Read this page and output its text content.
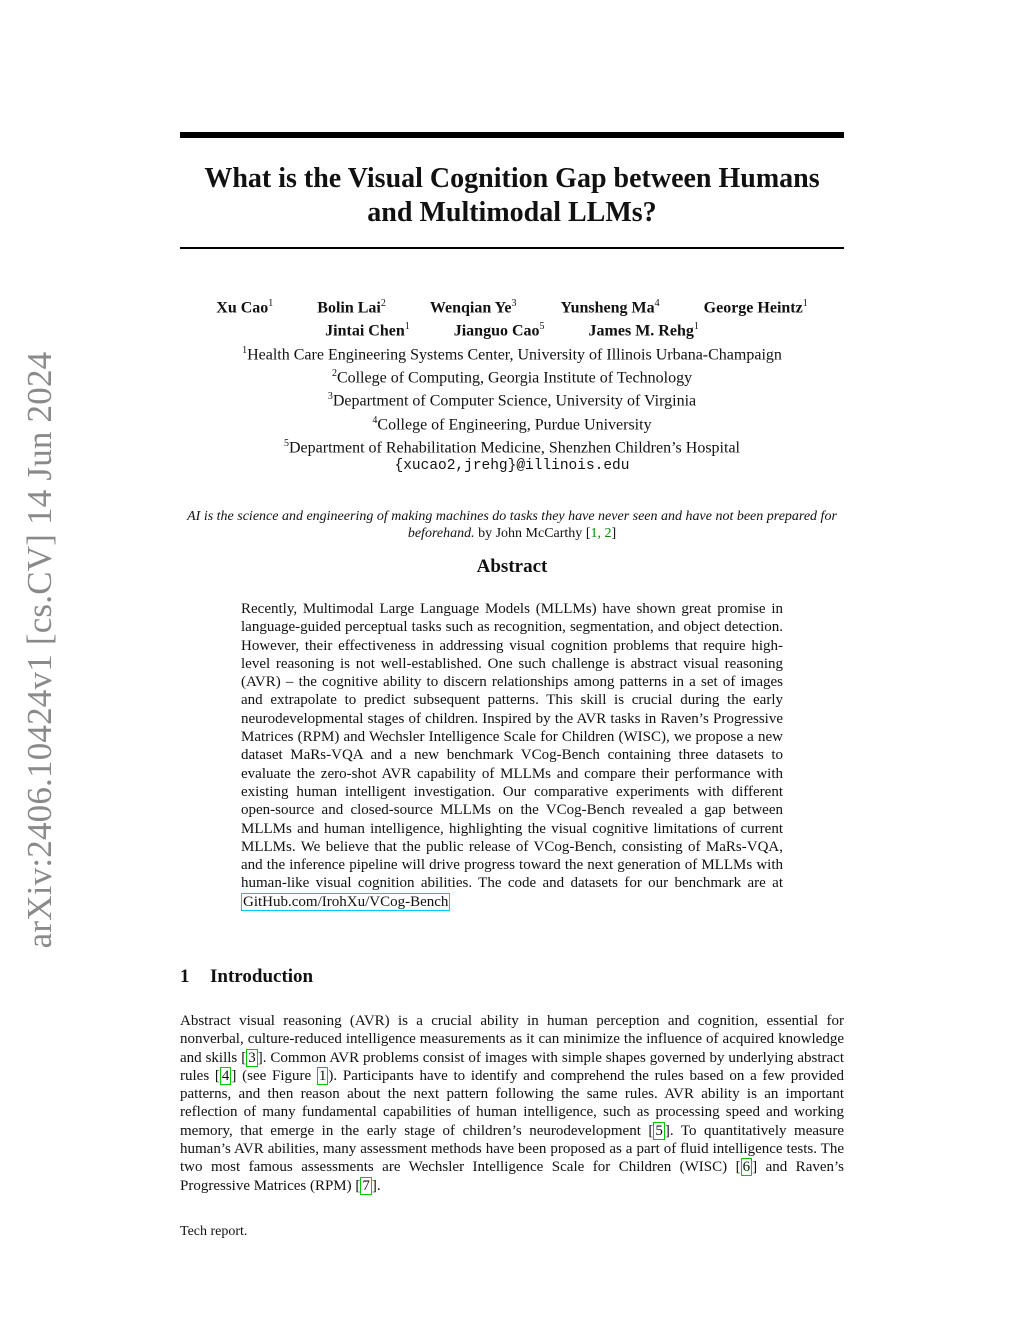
arXiv:2406.10424v1 [cs.CV] 14 Jun 2024
What is the Visual Cognition Gap between Humans
and Multimodal LLMs?
Xu Cao$^1$	Bolin Lai$^2$	Wenqian Ye$^3$	Yunsheng Ma$^4$	George Heintz$^1$
Jintai Chen$^1$	Jianguo Cao$^5$	James M. Rehg$^1$
$^1$Health Care Engineering Systems Center, University of Illinois Urbana-Champaign
$^2$College of Computing, Georgia Institute of Technology
$^3$Department of Computer Science, University of Virginia
$^4$College of Engineering, Purdue University
$^5$Department of Rehabilitation Medicine, Shenzhen Children’s Hospital
{xucao2,jrehg}@illinois.edu
AI is the science and engineering of making machines do tasks they have never seen and have not been prepared for beforehand. by John McCarthy [1, 2]
Abstract

Recently, Multimodal Large Language Models (MLLMs) have shown great promise in language-guided perceptual tasks such as recognition, segmentation, and object detection. However, their effectiveness in addressing visual cognition problems that require high-level reasoning is not well-established. One such challenge is abstract visual reasoning (AVR) – the cognitive ability to discern relationships among patterns in a set of images and extrapolate to predict subsequent patterns. This skill is crucial during the early neurodevelopmental stages of children. Inspired by the AVR tasks in Raven’s Progressive Matrices (RPM) and Wechsler Intelligence Scale for Children (WISC), we propose a new dataset MaRs-VQA and a new benchmark VCog-Bench containing three datasets to evaluate the zero-shot AVR capability of MLLMs and compare their performance with existing human intelligent investigation. Our comparative experiments with different open-source and closed-source MLLMs on the VCog-Bench revealed a gap between MLLMs and human intelligence, highlighting the visual cognitive limitations of current MLLMs. We believe that the public release of VCog-Bench, consisting of MaRs-VQA, and the inference pipeline will drive progress toward the next generation of MLLMs with human-like visual cognition abilities. The code and datasets for our benchmark are at GitHub.com/IrohXu/VCog-Bench

1 Introduction

Abstract visual reasoning (AVR) is a crucial ability in human perception and cognition, essential for nonverbal, culture-reduced intelligence measurements as it can minimize the influence of acquired knowledge and skills [ 3 ]. Common AVR problems consist of images with simple shapes governed by underlying abstract rules [ 4 ] (see Figure 1 ). Participants have to identify and comprehend the rules based on a few provided patterns, and then reason about the next pattern following the same rules. AVR ability is an important reflection of many fundamental capabilities of human intelligence, such as processing speed and working memory, that emerge in the early stage of children’s neurodevelopment [ 5 ]. To quantitatively measure human’s AVR abilities, many assessment methods have been proposed as a part of fluid intelligence tests. The two most famous assessments are Wechsler Intelligence Scale for Children (WISC) [ 6 ] and Raven’s Progressive Matrices (RPM) [ 7 ].

Tech report.
